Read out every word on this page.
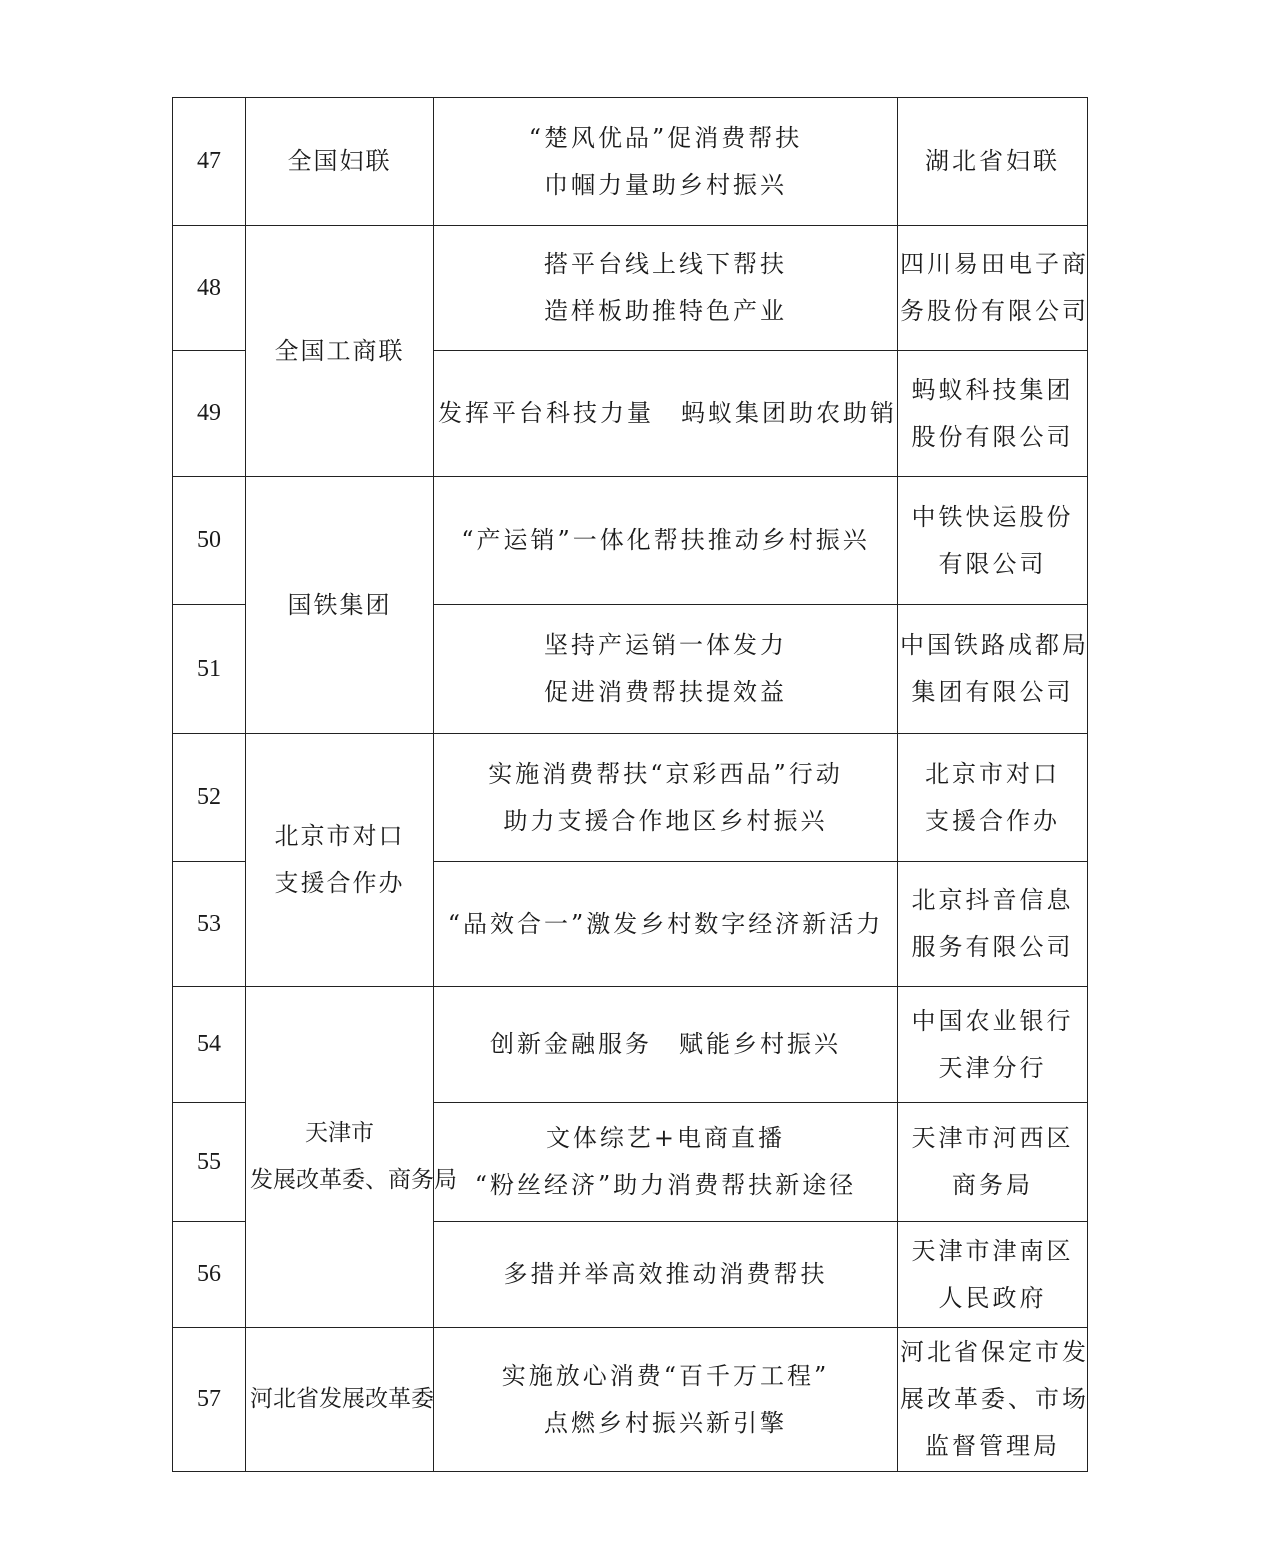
47	全国妇联	“楚风优品”促消费帮扶
巾帼力量助乡村振兴	湖北省妇联

48	全国工商联	搭平台线上线下帮扶
造样板助推特色产业	四川易田电子商
务股份有限公司

49		发挥平台科技力量　蚂蚁集团助农助销	蚂蚁科技集团
股份有限公司

50	国铁集团	“产运销”一体化帮扶推动乡村振兴	中铁快运股份
有限公司

51		坚持产运销一体发力
促进消费帮扶提效益	中国铁路成都局
集团有限公司

52	北京市对口
支援合作办	实施消费帮扶“京彩西品”行动
助力支援合作地区乡村振兴	北京市对口
支援合作办

53		“品效合一”激发乡村数字经济新活力	北京抖音信息
服务有限公司

54	天津市
发展改革委、商务局	创新金融服务　赋能乡村振兴	中国农业银行
天津分行

55		文体综艺+电商直播
“粉丝经济”助力消费帮扶新途径	天津市河西区
商务局

56		多措并举高效推动消费帮扶	天津市津南区
人民政府

57	河北省发展改革委	实施放心消费“百千万工程”
点燃乡村振兴新引擎	河北省保定市发
展改革委、市场
监督管理局
